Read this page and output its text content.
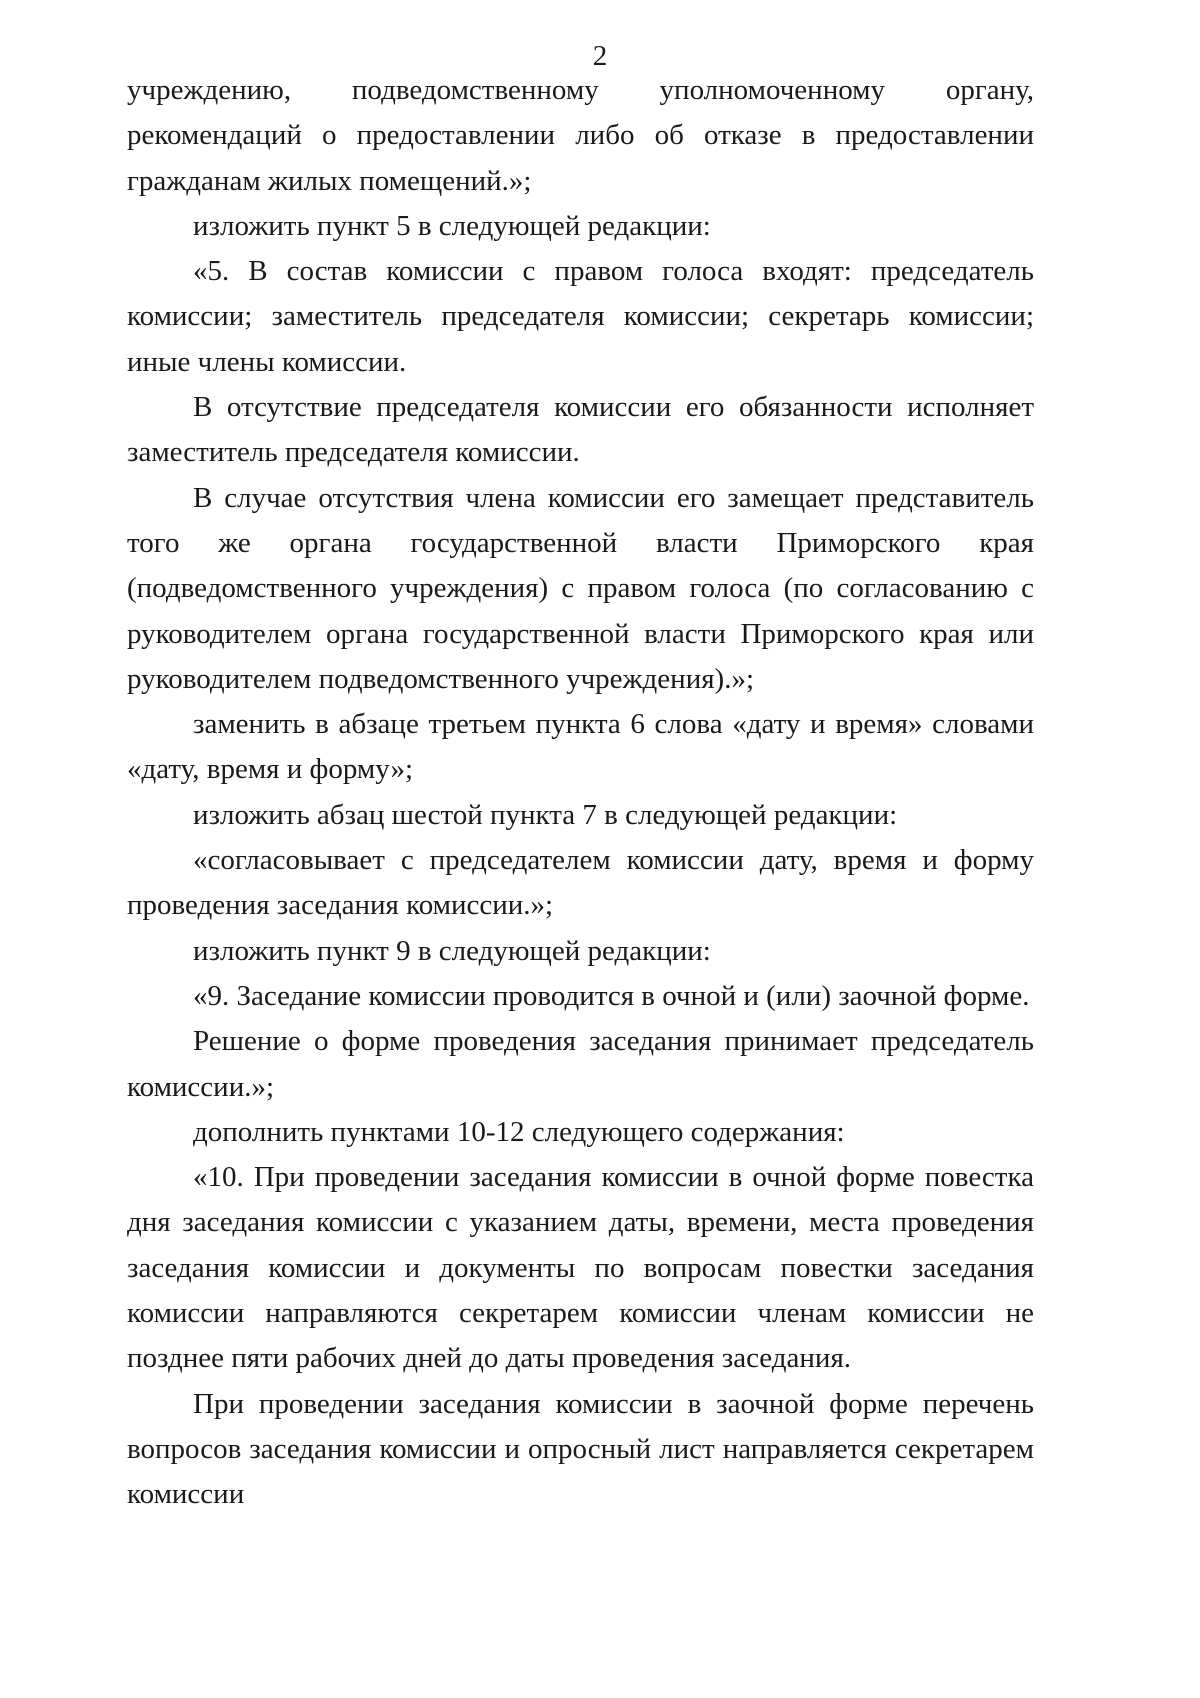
2

учреждению, подведомственному уполномоченному органу, рекомендаций о предоставлении либо об отказе в предоставлении гражданам жилых помещений.»;

изложить пункт 5 в следующей редакции:

«5. В состав комиссии с правом голоса входят: председатель комиссии; заместитель председателя комиссии; секретарь комиссии; иные члены комиссии.

В отсутствие председателя комиссии его обязанности исполняет заместитель председателя комиссии.

В случае отсутствия члена комиссии его замещает представитель того же органа государственной власти Приморского края (подведомственного учреждения) с правом голоса (по согласованию с руководителем органа государственной власти Приморского края или руководителем подведомственного учреждения).»;

заменить в абзаце третьем пункта 6 слова «дату и время» словами «дату, время и форму»;

изложить абзац шестой пункта 7 в следующей редакции:

«согласовывает с председателем комиссии дату, время и форму проведения заседания комиссии.»;

изложить пункт 9 в следующей редакции:

«9. Заседание комиссии проводится в очной и (или) заочной форме.

Решение о форме проведения заседания принимает председатель комиссии.»;

дополнить пунктами 10-12 следующего содержания:

«10. При проведении заседания комиссии в очной форме повестка дня заседания комиссии с указанием даты, времени, места проведения заседания комиссии и документы по вопросам повестки заседания комиссии направляются секретарем комиссии членам комиссии не позднее пяти рабочих дней до даты проведения заседания.

При проведении заседания комиссии в заочной форме перечень вопросов заседания комиссии и опросный лист направляется секретарем комиссии
